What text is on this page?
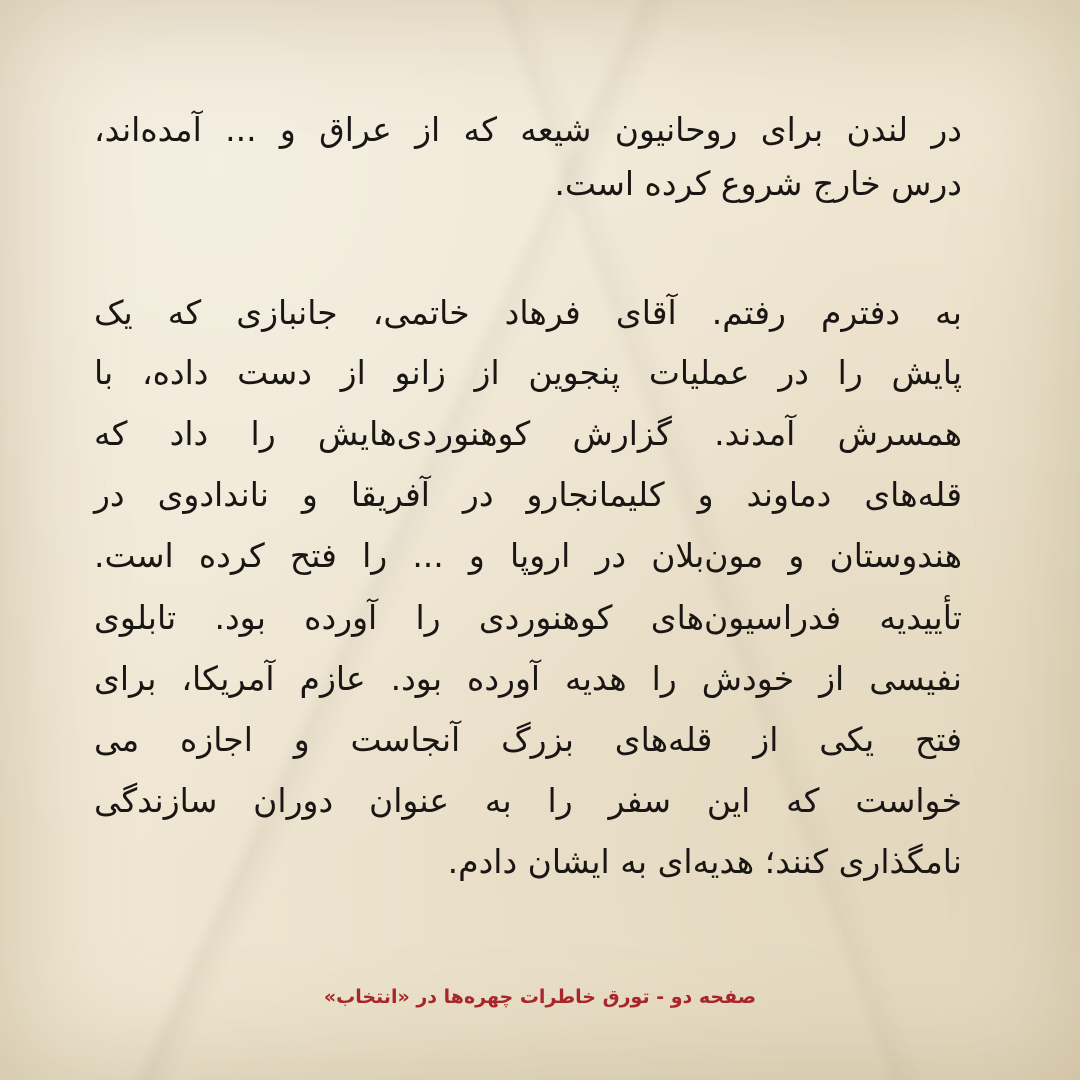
در لندن برای روحانیون شیعه که از عراق و ... آمده‌اند،
درس خارج شروع کرده است.
به دفترم رفتم. آقای فرهاد خاتمی، جانبازی که یک
پایش را در عملیات پنجوین از زانو از دست داده، با
همسرش آمدند. گزارش کوهنوردی‌هایش را داد که
قله‌های دماوند و کلیمانجارو در آفریقا و ناندادوی در
هندوستان و مون‌بلان در اروپا و ... را فتح کرده است.
تأییدیه فدراسیون‌های کوهنوردی را آورده بود. تابلوی
نفیسی از خودش را هدیه آورده بود. عازم آمریکا، برای
فتح یکی از قله‌های بزرگ آنجاست و اجازه می
خواست که این سفر را به عنوان دوران سازندگی
نامگذاری کنند؛ هدیه‌ای به ایشان دادم.
صفحه دو - تورق خاطرات چهره‌ها در «انتخاب»
